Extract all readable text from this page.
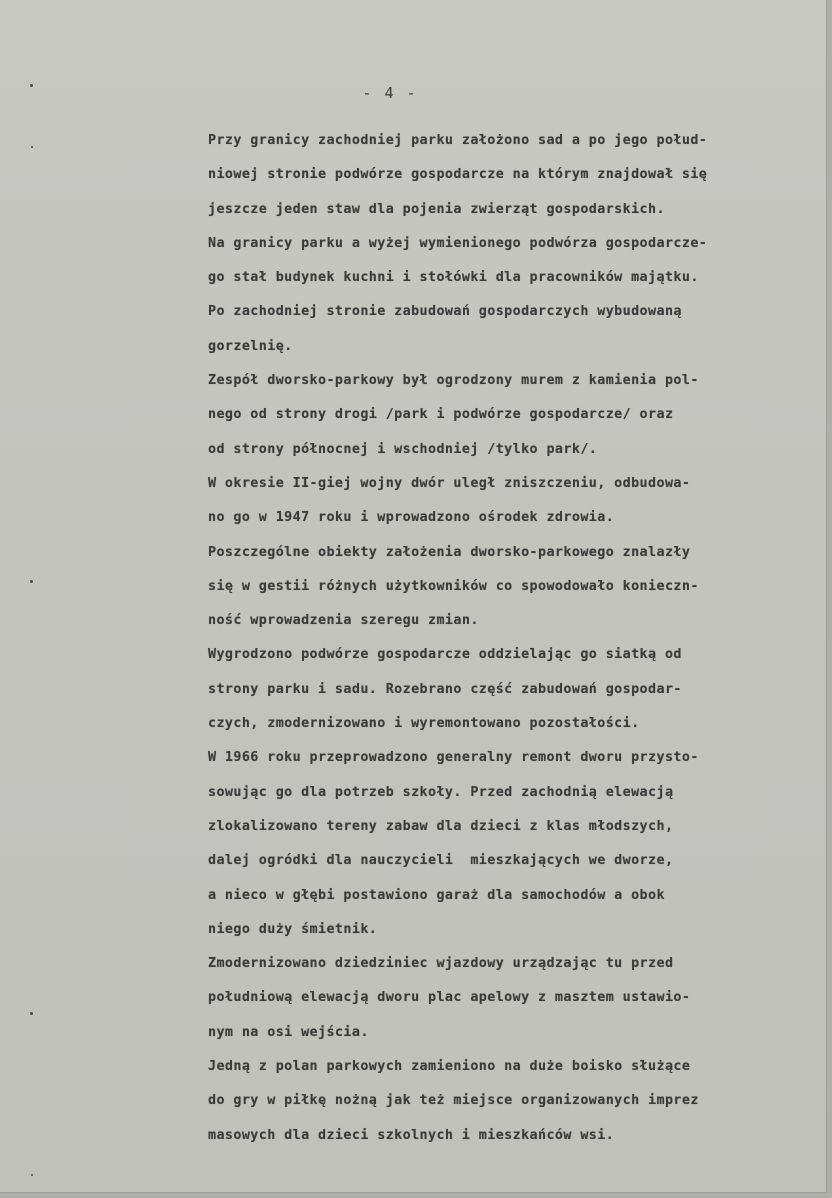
- 4 -
Przy granicy zachodniej parku założono sad a po jego połud-
niowej stronie podwórze gospodarcze na którym znajdował się
jeszcze jeden staw dla pojenia zwierząt gospodarskich.
Na granicy parku a wyżej wymienionego podwórza gospodarcze-
go stał budynek kuchni i stołówki dla pracowników majątku.
Po zachodniej stronie zabudowań gospodarczych wybudowaną
gorzelnię.
Zespół dworsko-parkowy był ogrodzony murem z kamienia pol-
nego od strony drogi /park i podwórze gospodarcze/ oraz
od strony północnej i wschodniej /tylko park/.
W okresie II-giej wojny dwór uległ zniszczeniu, odbudowa-
no go w 1947 roku i wprowadzono ośrodek zdrowia.
Poszczególne obiekty założenia dworsko-parkowego znalazły
się w gestii różnych użytkowników co spowodowało konieczn-
ność wprowadzenia szeregu zmian.
Wygrodzono podwórze gospodarcze oddzielając go siatką od
strony parku i sadu. Rozebrano część zabudowań gospodar-
czych, zmodernizowano i wyremontowano pozostałości.
W 1966 roku przeprowadzono generalny remont dworu przysto-
sowując go dla potrzeb szkoły. Przed zachodnią elewacją
zlokalizowano tereny zabaw dla dzieci z klas młodszych,
dalej ogródki dla nauczycieli  mieszkających we dworze,
a nieco w głębi postawiono garaż dla samochodów a obok
niego duży śmietnik.
Zmodernizowano dziedziniec wjazdowy urządzając tu przed
południową elewacją dworu plac apelowy z masztem ustawio-
nym na osi wejścia.
Jedną z polan parkowych zamieniono na duże boisko służące
do gry w piłkę nożną jak też miejsce organizowanych imprez
masowych dla dzieci szkolnych i mieszkańców wsi.
